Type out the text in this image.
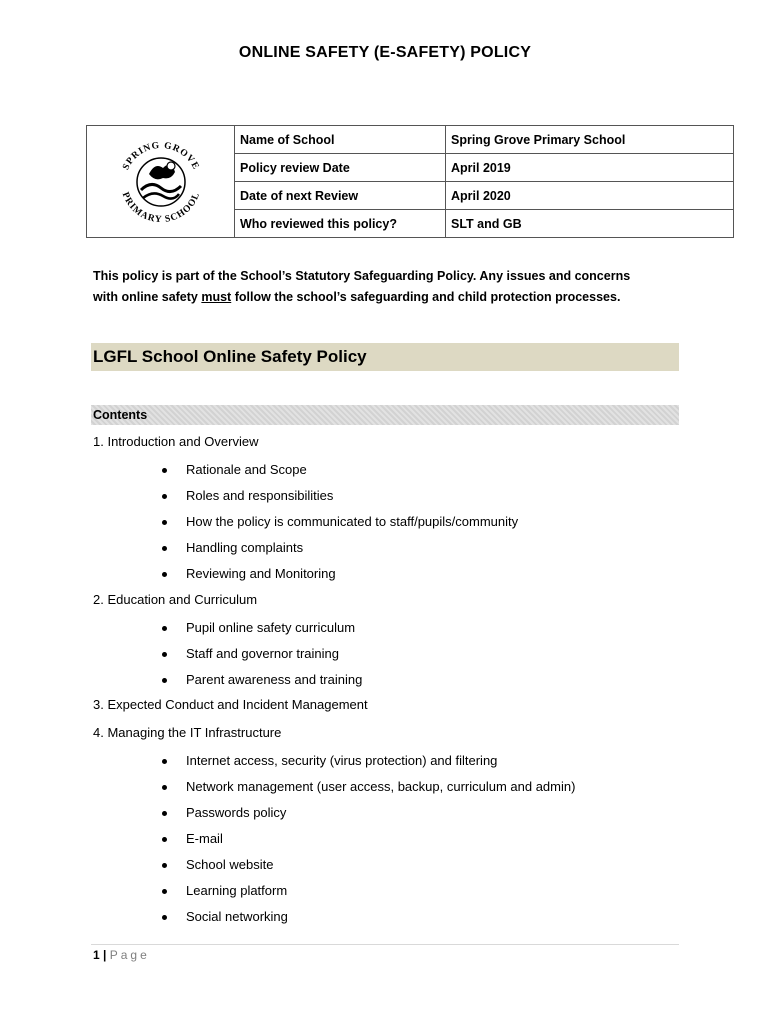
ONLINE SAFETY (E-SAFETY) POLICY
SPRING GROVE
PRIMARY SCHOOL	Name of School	Spring Grove Primary School
	Policy review Date	April 2019
	Date of next Review	April 2020
	Who reviewed this policy?	SLT and GB
This policy is part of the School’s Statutory Safeguarding Policy. Any issues and concerns
with online safety must follow the school’s safeguarding and child protection processes.
LGFL School Online Safety Policy
Contents
1. Introduction and Overview
Rationale and Scope
Roles and responsibilities
How the policy is communicated to staff/pupils/community
Handling complaints
Reviewing and Monitoring
2. Education and Curriculum
Pupil online safety curriculum
Staff and governor training
Parent awareness and training
3. Expected Conduct and Incident Management
4. Managing the IT Infrastructure
Internet access, security (virus protection) and filtering
Network management (user access, backup, curriculum and admin)
Passwords policy
E-mail
School website
Learning platform
Social networking
1 | Page
